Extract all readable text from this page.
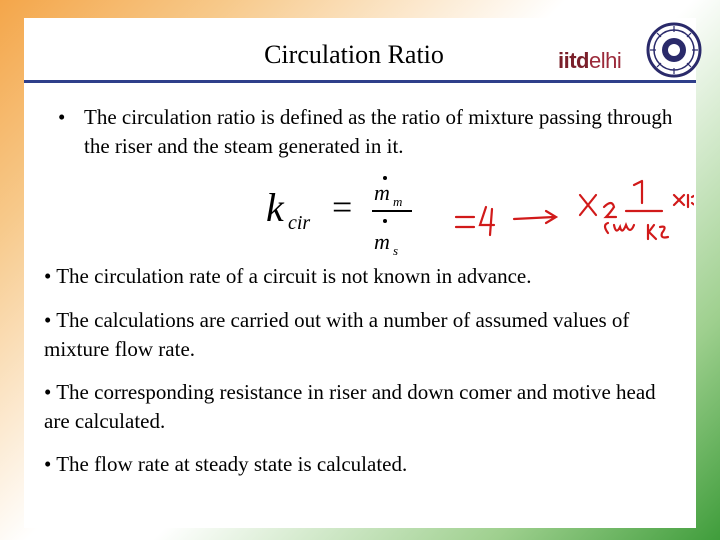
Circulation Ratio	iitdelhi
• The circulation ratio is defined as the ratio of mixture passing through the riser and the steam generated in it.
k cir = m m
m s
• The circulation rate of a circuit is not known in advance.
• The calculations are carried out with a number of assumed values of mixture flow rate.
• The corresponding resistance in riser and down comer and motive head are calculated.
• The flow rate at steady state is calculated.
